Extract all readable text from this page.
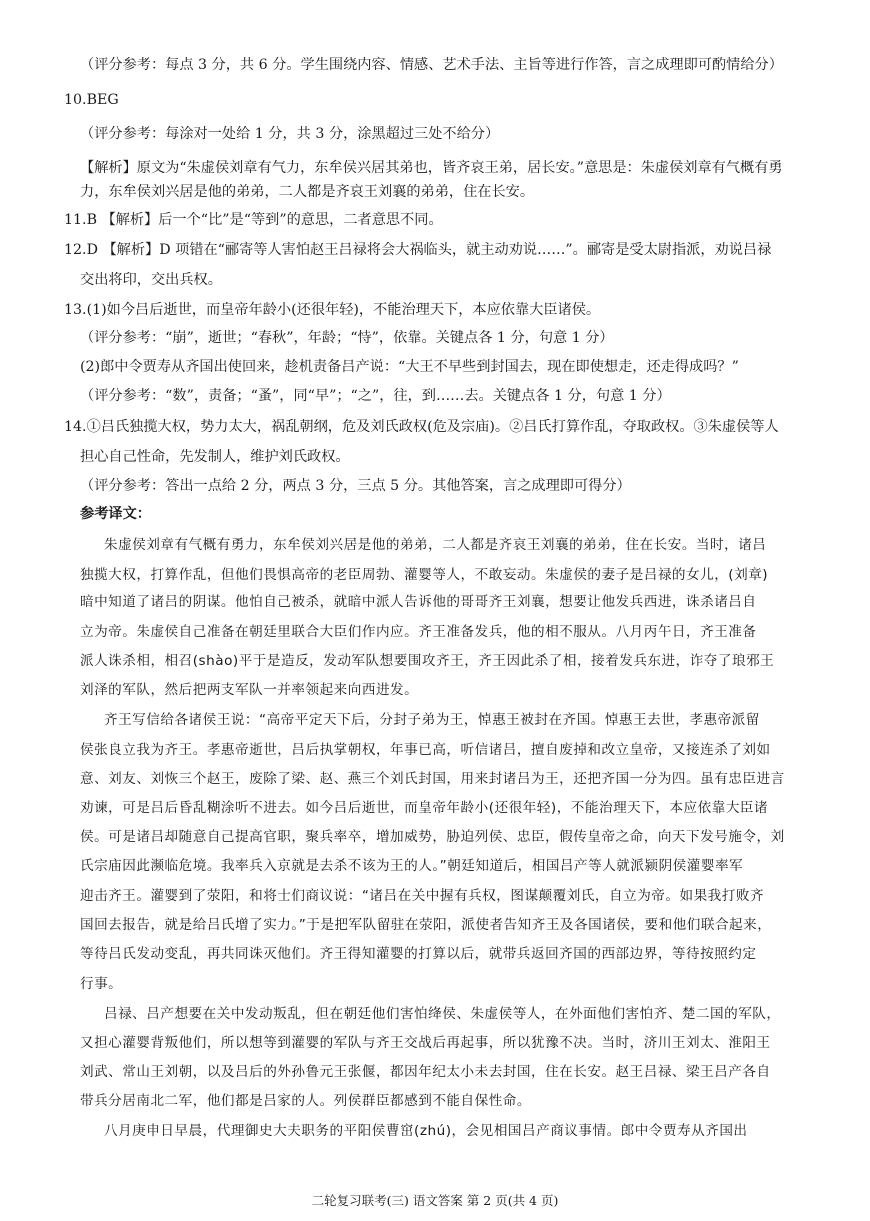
（评分参考：每点 3 分，共 6 分。学生围绕内容、情感、艺术手法、主旨等进行作答，言之成理即可酌情给分）
10.BEG
（评分参考：每涂对一处给 1 分，共 3 分，涂黑超过三处不给分）
【解析】原文为“朱虚侯刘章有气力，东牟侯兴居其弟也，皆齐哀王弟，居长安。”意思是：朱虚侯刘章有气概有勇
力，东牟侯刘兴居是他的弟弟，二人都是齐哀王刘襄的弟弟，住在长安。
11.B 【解析】后一个“比”是“等到”的意思，二者意思不同。
12.D 【解析】D 项错在“郦寄等人害怕赵王吕禄将会大祸临头，就主动劝说……”。郦寄是受太尉指派，劝说吕禄
交出将印，交出兵权。
13.(1)如今吕后逝世，而皇帝年龄小(还很年轻)，不能治理天下，本应依靠大臣诸侯。
（评分参考：“崩”，逝世；“春秋”，年龄；“恃”，依靠。关键点各 1 分，句意 1 分）
(2)郎中令贾寿从齐国出使回来，趁机责备吕产说：“大王不早些到封国去，现在即使想走，还走得成吗？”
（评分参考：“数”，责备；“蚤”，同“早”；“之”，往，到……去。关键点各 1 分，句意 1 分）
14.①吕氏独揽大权，势力太大，祸乱朝纲，危及刘氏政权(危及宗庙)。②吕氏打算作乱，夺取政权。③朱虚侯等人
担心自己性命，先发制人，维护刘氏政权。
（评分参考：答出一点给 2 分，两点 3 分，三点 5 分。其他答案，言之成理即可得分）
参考译文：
朱虚侯刘章有气概有勇力，东牟侯刘兴居是他的弟弟，二人都是齐哀王刘襄的弟弟，住在长安。当时，诸吕
独揽大权，打算作乱，但他们畏惧高帝的老臣周勃、灌婴等人，不敢妄动。朱虚侯的妻子是吕禄的女儿，(刘章)
暗中知道了诸吕的阴谋。他怕自己被杀，就暗中派人告诉他的哥哥齐王刘襄，想要让他发兵西进，诛杀诸吕自
立为帝。朱虚侯自己准备在朝廷里联合大臣们作内应。齐王准备发兵，他的相不服从。八月丙午日，齐王准备
派人诛杀相，相召(shào)平于是造反，发动军队想要围攻齐王，齐王因此杀了相，接着发兵东进，诈夺了琅邪王
刘泽的军队，然后把两支军队一并率领起来向西进发。
齐王写信给各诸侯王说：“高帝平定天下后，分封子弟为王，悼惠王被封在齐国。悼惠王去世，孝惠帝派留
侯张良立我为齐王。孝惠帝逝世，吕后执掌朝权，年事已高，听信诸吕，擅自废掉和改立皇帝，又接连杀了刘如
意、刘友、刘恢三个赵王，废除了梁、赵、燕三个刘氏封国，用来封诸吕为王，还把齐国一分为四。虽有忠臣进言
劝谏，可是吕后昏乱糊涂听不进去。如今吕后逝世，而皇帝年龄小(还很年轻)，不能治理天下，本应依靠大臣诸
侯。可是诸吕却随意自己提高官职，聚兵率卒，增加威势，胁迫列侯、忠臣，假传皇帝之命，向天下发号施令，刘
氏宗庙因此濒临危境。我率兵入京就是去杀不该为王的人。”朝廷知道后，相国吕产等人就派颍阴侯灌婴率军
迎击齐王。灌婴到了荥阳，和将士们商议说：“诸吕在关中握有兵权，图谋颠覆刘氏，自立为帝。如果我打败齐
国回去报告，就是给吕氏增了实力。”于是把军队留驻在荥阳，派使者告知齐王及各国诸侯，要和他们联合起来，
等待吕氏发动变乱，再共同诛灭他们。齐王得知灌婴的打算以后，就带兵返回齐国的西部边界，等待按照约定
行事。
吕禄、吕产想要在关中发动叛乱，但在朝廷他们害怕绛侯、朱虚侯等人，在外面他们害怕齐、楚二国的军队，
又担心灌婴背叛他们，所以想等到灌婴的军队与齐王交战后再起事，所以犹豫不决。当时，济川王刘太、淮阳王
刘武、常山王刘朝，以及吕后的外孙鲁元王张偃，都因年纪太小未去封国，住在长安。赵王吕禄、梁王吕产各自
带兵分居南北二军，他们都是吕家的人。列侯群臣都感到不能自保性命。
八月庚申日早晨，代理御史大夫职务的平阳侯曹窋(zhú)，会见相国吕产商议事情。郎中令贾寿从齐国出
二轮复习联考(三) 语文答案 第 2 页(共 4 页)
